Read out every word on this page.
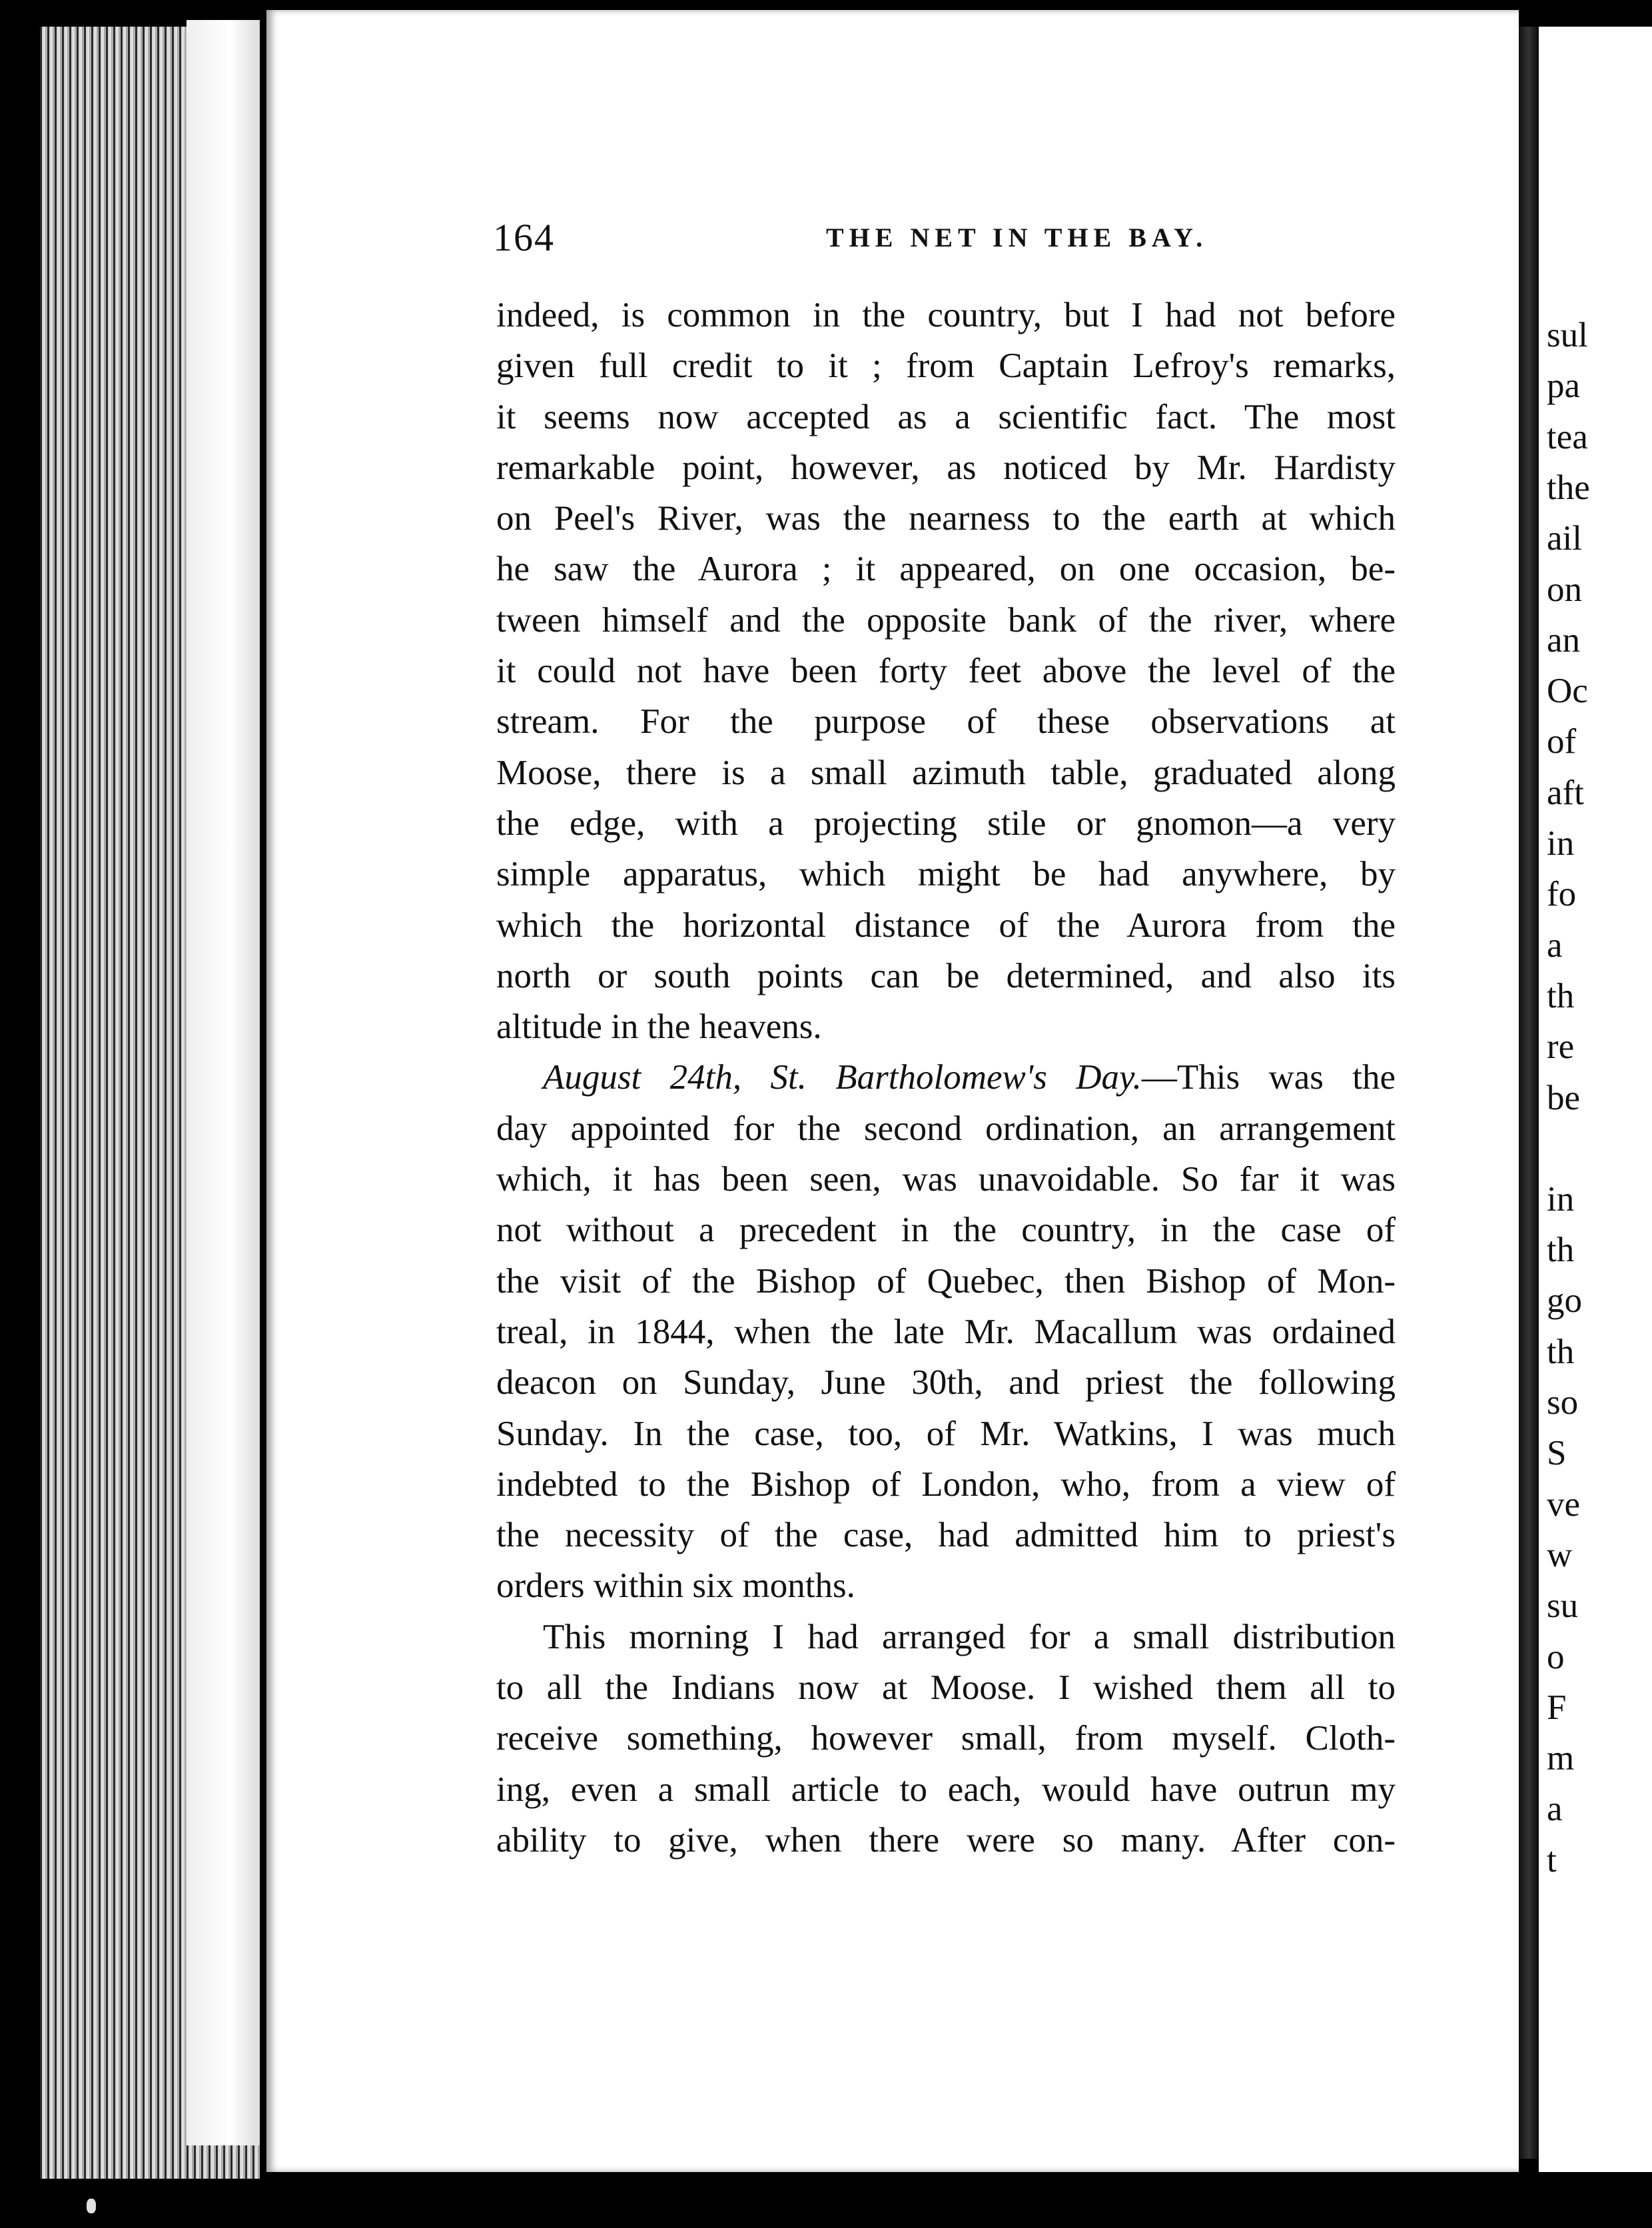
164	THE NET IN THE BAY.
indeed, is common in the country, but I had not before
given full credit to it ; from Captain Lefroy's remarks,
it seems now accepted as a scientific fact. The most
remarkable point, however, as noticed by Mr. Hardisty
on Peel's River, was the nearness to the earth at which
he saw the Aurora ; it appeared, on one occasion, be-
tween himself and the opposite bank of the river, where
it could not have been forty feet above the level of the
stream. For the purpose of these observations at
Moose, there is a small azimuth table, graduated along
the edge, with a projecting stile or gnomon—a very
simple apparatus, which might be had anywhere, by
which the horizontal distance of the Aurora from the
north or south points can be determined, and also its
altitude in the heavens.
August 24th, St. Bartholomew's Day.—This was the
day appointed for the second ordination, an arrangement
which, it has been seen, was unavoidable. So far it was
not without a precedent in the country, in the case of
the visit of the Bishop of Quebec, then Bishop of Mon-
treal, in 1844, when the late Mr. Macallum was ordained
deacon on Sunday, June 30th, and priest the following
Sunday. In the case, too, of Mr. Watkins, I was much
indebted to the Bishop of London, who, from a view of
the necessity of the case, had admitted him to priest's
orders within six months.
This morning I had arranged for a small distribution
to all the Indians now at Moose. I wished them all to
receive something, however small, from myself. Cloth-
ing, even a small article to each, would have outrun my
ability to give, when there were so many. After con-
sul
pa
tea
the
ail
on
an
Oc
of
aft
in
fo
a
th
re
be
in
th
go
th
so
S
ve
w
su
o
F
m
a
t
